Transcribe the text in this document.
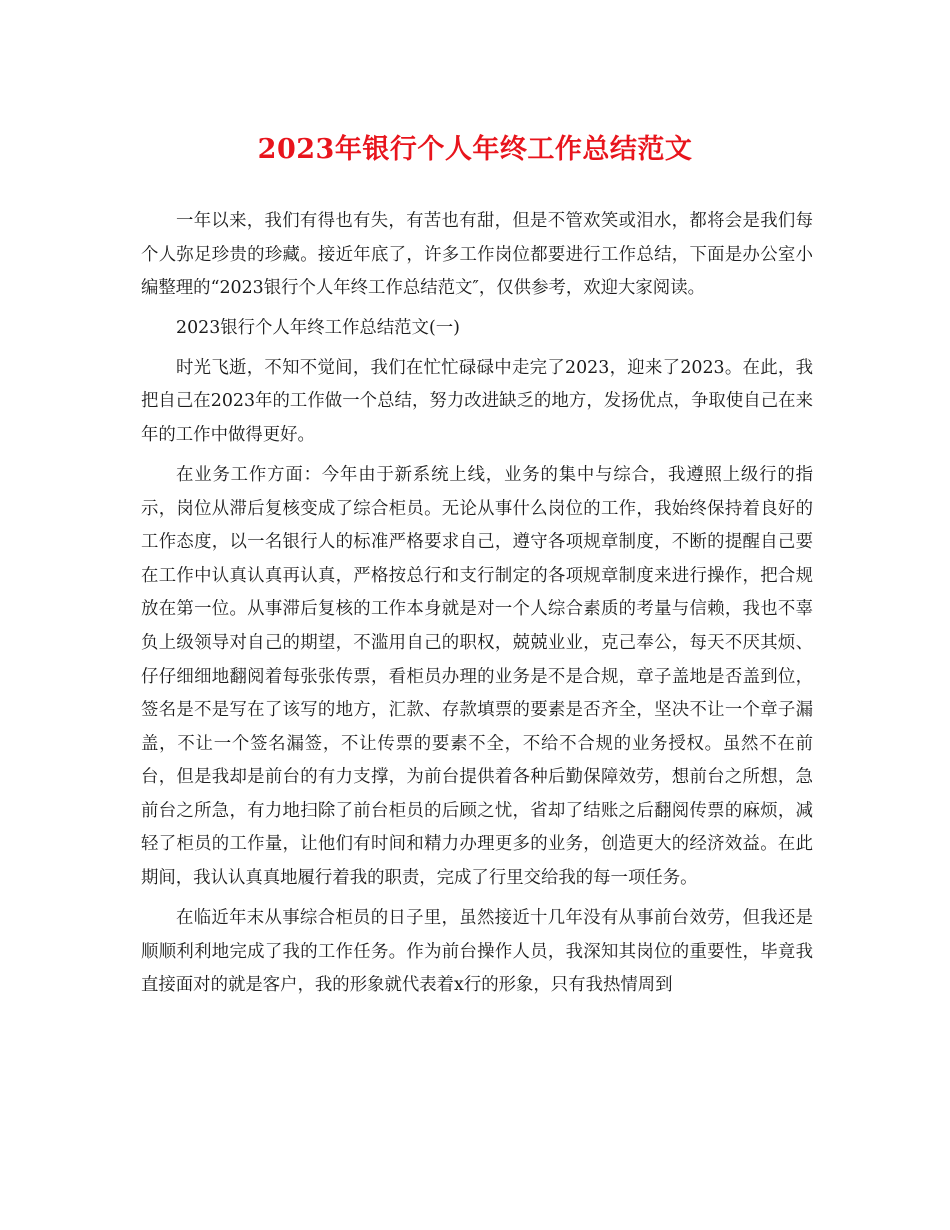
2023年银行个人年终工作总结范文

一年以来，我们有得也有失，有苦也有甜，但是不管欢笑或泪水，都将会是我们每个人弥足珍贵的珍藏。接近年底了，许多工作岗位都要进行工作总结，下面是办公室小编整理的“2023银行个人年终工作总结范文″，仅供参考，欢迎大家阅读。

2023银行个人年终工作总结范文(一)

时光飞逝，不知不觉间，我们在忙忙碌碌中走完了2023，迎来了2023。在此，我把自己在2023年的工作做一个总结，努力改进缺乏的地方，发扬优点，争取使自己在来年的工作中做得更好。

在业务工作方面：今年由于新系统上线，业务的集中与综合，我遵照上级行的指示，岗位从滞后复核变成了综合柜员。无论从事什么岗位的工作，我始终保持着良好的工作态度，以一名银行人的标准严格要求自己，遵守各项规章制度，不断的提醒自己要在工作中认真认真再认真，严格按总行和支行制定的各项规章制度来进行操作，把合规放在第一位。从事滞后复核的工作本身就是对一个人综合素质的考量与信赖，我也不辜负上级领导对自己的期望，不滥用自己的职权，兢兢业业，克己奉公，每天不厌其烦、仔仔细细地翻阅着每张张传票，看柜员办理的业务是不是合规，章子盖地是否盖到位，签名是不是写在了该写的地方，汇款、存款填票的要素是否齐全，坚决不让一个章子漏盖，不让一个签名漏签，不让传票的要素不全，不给不合规的业务授权。虽然不在前台，但是我却是前台的有力支撑，为前台提供着各种后勤保障效劳，想前台之所想，急前台之所急，有力地扫除了前台柜员的后顾之忧，省却了结账之后翻阅传票的麻烦，减轻了柜员的工作量，让他们有时间和精力办理更多的业务，创造更大的经济效益。在此期间，我认认真真地履行着我的职责，完成了行里交给我的每一项任务。

在临近年末从事综合柜员的日子里，虽然接近十几年没有从事前台效劳，但我还是顺顺利利地完成了我的工作任务。作为前台操作人员，我深知其岗位的重要性，毕竟我直接面对的就是客户，我的形象就代表着x行的形象，只有我热情周到
